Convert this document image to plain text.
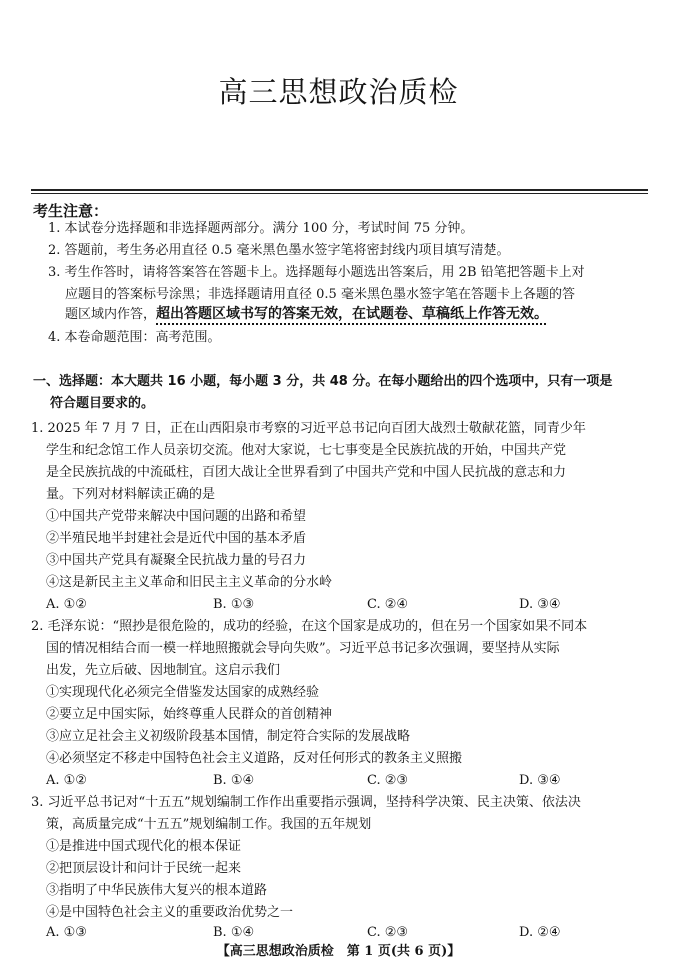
高三思想政治质检
考生注意：
1. 本试卷分选择题和非选择题两部分。满分 100 分，考试时间 75 分钟。
2. 答题前，考生务必用直径 0.5 毫米黑色墨水签字笔将密封线内项目填写清楚。
3. 考生作答时，请将答案答在答题卡上。选择题每小题选出答案后，用 2B 铅笔把答题卡上对
应题目的答案标号涂黑；非选择题请用直径 0.5 毫米黑色墨水签字笔在答题卡上各题的答
题区域内作答，超出答题区域书写的答案无效，在试题卷、草稿纸上作答无效。
4. 本卷命题范围：高考范围。
一、选择题：本大题共 16 小题，每小题 3 分，共 48 分。在每小题给出的四个选项中，只有一项是
符合题目要求的。
1. 2025 年 7 月 7 日，正在山西阳泉市考察的习近平总书记向百团大战烈士敬献花篮，同青少年
学生和纪念馆工作人员亲切交流。他对大家说，七七事变是全民族抗战的开始，中国共产党
是全民族抗战的中流砥柱，百团大战让全世界看到了中国共产党和中国人民抗战的意志和力
量。下列对材料解读正确的是
①中国共产党带来解决中国问题的出路和希望
②半殖民地半封建社会是近代中国的基本矛盾
③中国共产党具有凝聚全民抗战力量的号召力
④这是新民主主义革命和旧民主主义革命的分水岭
A. ①②	B. ①③	C. ②④	D. ③④
2. 毛泽东说：“照抄是很危险的，成功的经验，在这个国家是成功的，但在另一个国家如果不同本
国的情况相结合而一模一样地照搬就会导向失败”。习近平总书记多次强调，要坚持从实际
出发，先立后破、因地制宜。这启示我们
①实现现代化必须完全借鉴发达国家的成熟经验
②要立足中国实际，始终尊重人民群众的首创精神
③应立足社会主义初级阶段基本国情，制定符合实际的发展战略
④必须坚定不移走中国特色社会主义道路，反对任何形式的教条主义照搬
A. ①②	B. ①④	C. ②③	D. ③④
3. 习近平总书记对“十五五”规划编制工作作出重要指示强调，坚持科学决策、民主决策、依法决
策，高质量完成“十五五”规划编制工作。我国的五年规划
①是推进中国式现代化的根本保证
②把顶层设计和问计于民统一起来
③指明了中华民族伟大复兴的根本道路
④是中国特色社会主义的重要政治优势之一
A. ①③	B. ①④	C. ②③	D. ②④
【高三思想政治质检　第 1 页(共 6 页)】
